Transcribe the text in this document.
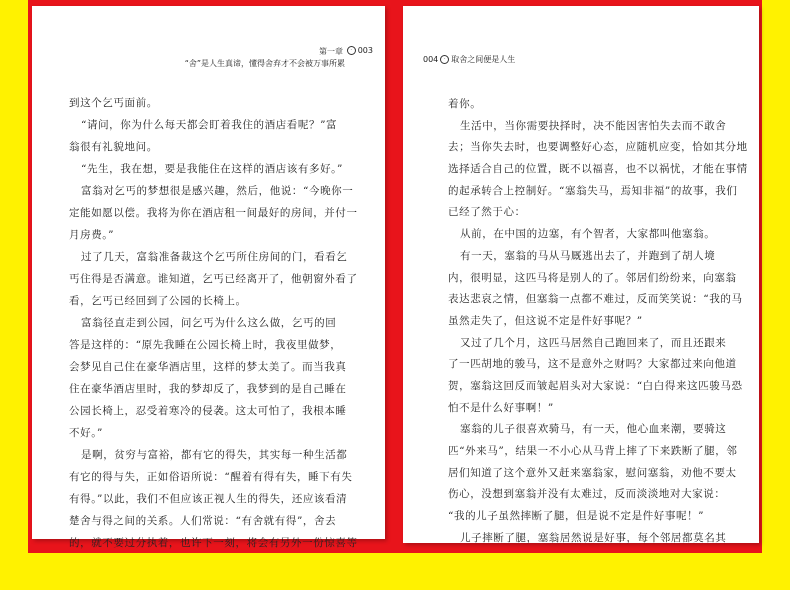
第一章	· 003
“舍”是人生真谛，懂得舍弃才不会被万事所累
到这个乞丐面前。
“请问，你为什么每天都会盯着我住的酒店看呢？”富
翁很有礼貌地问。
“先生，我在想，要是我能住在这样的酒店该有多好。”
富翁对乞丐的梦想很是感兴趣，然后，他说：“今晚你一
定能如愿以偿。我将为你在酒店租一间最好的房间，并付一
月房费。”
过了几天，富翁准备裁这个乞丐所住房间的门，看看乞
丐住得是否满意。谁知道，乞丐已经离开了，他朝窗外看了
看，乞丐已经回到了公园的长椅上。
富翁径直走到公园，问乞丐为什么这么做，乞丐的回
答是这样的：“原先我睡在公园长椅上时，我夜里做梦，
会梦见自己住在豪华酒店里，这样的梦太美了。而当我真
住在豪华酒店里时，我的梦却反了，我梦到的是自己睡在
公园长椅上，忍受着寒冷的侵袭。这太可怕了，我根本睡
不好。”
是啊，贫穷与富裕，都有它的得失，其实每一种生活都
有它的得与失，正如俗语所说：“醒着有得有失，睡下有失
有得。”以此，我们不但应该正视人生的得失，还应该看清
楚舍与得之间的关系。人们常说：“有舍就有得”，舍去
的，就不要过分执着，也许下一刻，将会有另外一份惊喜等
004	· 取舍之间便是人生
着你。
生活中，当你需要抉择时，决不能因害怕失去而不敢舍
去；当你失去时，也要调整好心态，应随机应变，恰如其分地
选择适合自己的位置，既不以福喜，也不以祸忧，才能在事情
的起承转合上控制好。“塞翁失马，焉知非福”的故事，我们
已经了然于心：
从前，在中国的边塞，有个智者，大家都叫他塞翁。
有一天，塞翁的马从马厩逃出去了，并跑到了胡人境
内，很明显，这匹马将是别人的了。邻居们纷纷来，向塞翁
表达悲哀之情，但塞翁一点都不难过，反而笑笑说：“我的马
虽然走失了，但这说不定是件好事呢？”
又过了几个月，这匹马居然自己跑回来了，而且还跟来
了一匹胡地的骏马，这不是意外之财吗？大家都过来向他道
贺，塞翁这回反而皱起眉头对大家说：“白白得来这匹骏马恐
怕不是什么好事啊！”
塞翁的儿子很喜欢骑马，有一天，他心血来潮，要骑这
匹“外来马”，结果一不小心从马背上摔了下来跌断了腿，邻
居们知道了这个意外又赶来塞翁家，慰问塞翁，劝他不要太
伤心，没想到塞翁并没有太难过，反而淡淡地对大家说：
“我的儿子虽然摔断了腿，但是说不定是件好事呢！”
儿子摔断了腿，塞翁居然说是好事，每个邻居都莫名其
